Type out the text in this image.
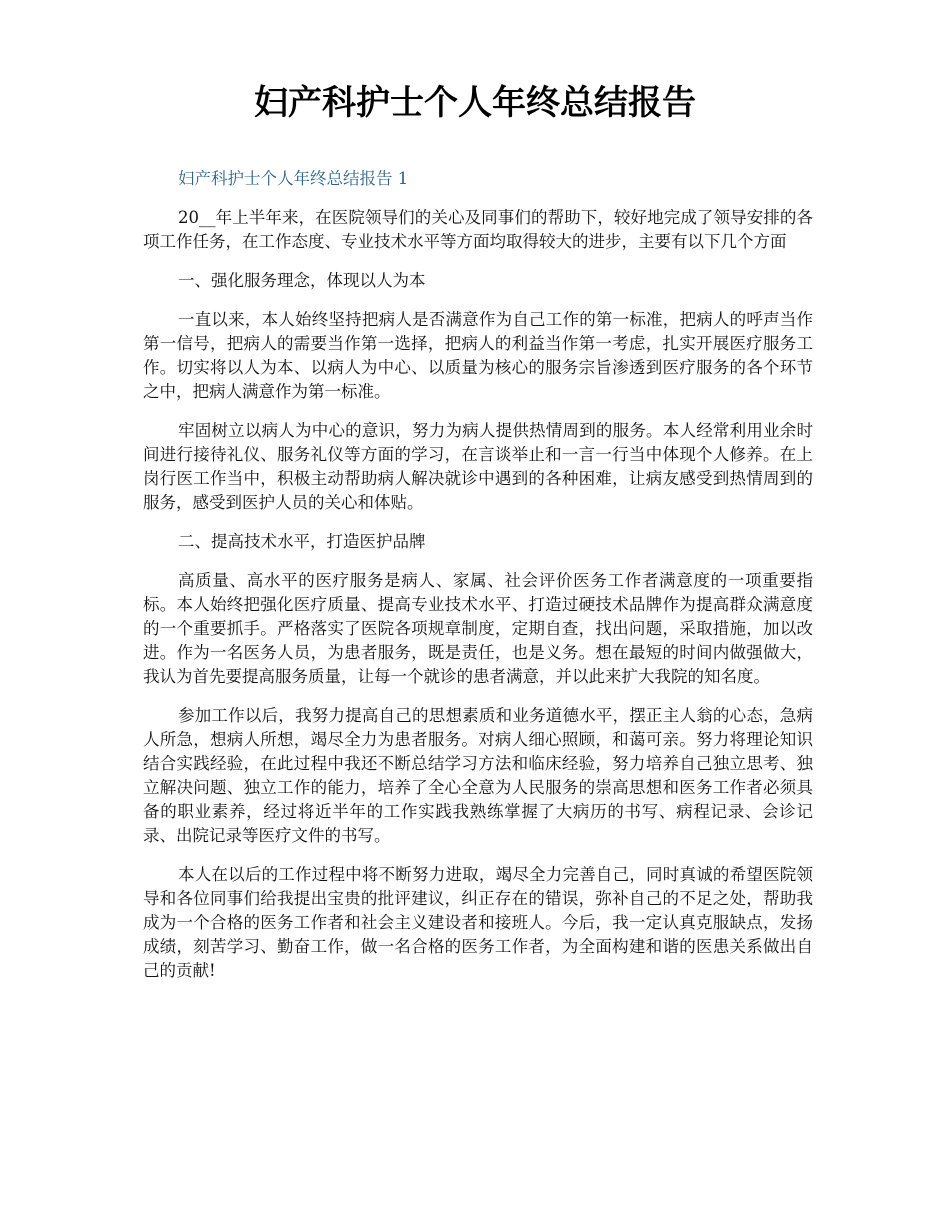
妇产科护士个人年终总结报告

妇产科护士个人年终总结报告 1

20__年上半年来，在医院领导们的关心及同事们的帮助下，较好地完成了领导安排的各项工作任务，在工作态度、专业技术水平等方面均取得较大的进步，主要有以下几个方面

一、强化服务理念，体现以人为本

一直以来，本人始终坚持把病人是否满意作为自己工作的第一标准，把病人的呼声当作第一信号，把病人的需要当作第一选择，把病人的利益当作第一考虑，扎实开展医疗服务工作。切实将以人为本、以病人为中心、以质量为核心的服务宗旨渗透到医疗服务的各个环节之中，把病人满意作为第一标准。

牢固树立以病人为中心的意识，努力为病人提供热情周到的服务。本人经常利用业余时间进行接待礼仪、服务礼仪等方面的学习，在言谈举止和一言一行当中体现个人修养。在上岗行医工作当中，积极主动帮助病人解决就诊中遇到的各种困难，让病友感受到热情周到的服务，感受到医护人员的关心和体贴。

二、提高技术水平，打造医护品牌

高质量、高水平的医疗服务是病人、家属、社会评价医务工作者满意度的一项重要指标。本人始终把强化医疗质量、提高专业技术水平、打造过硬技术品牌作为提高群众满意度的一个重要抓手。严格落实了医院各项规章制度，定期自查，找出问题，采取措施，加以改进。作为一名医务人员，为患者服务，既是责任，也是义务。想在最短的时间内做强做大，我认为首先要提高服务质量，让每一个就诊的患者满意，并以此来扩大我院的知名度。

参加工作以后，我努力提高自己的思想素质和业务道德水平，摆正主人翁的心态，急病人所急，想病人所想，竭尽全力为患者服务。对病人细心照顾，和蔼可亲。努力将理论知识结合实践经验，在此过程中我还不断总结学习方法和临床经验，努力培养自己独立思考、独立解决问题、独立工作的能力，培养了全心全意为人民服务的崇高思想和医务工作者必须具备的职业素养，经过将近半年的工作实践我熟练掌握了大病历的书写、病程记录、会诊记录、出院记录等医疗文件的书写。

本人在以后的工作过程中将不断努力进取，竭尽全力完善自己，同时真诚的希望医院领导和各位同事们给我提出宝贵的批评建议，纠正存在的错误，弥补自己的不足之处，帮助我成为一个合格的医务工作者和社会主义建设者和接班人。今后，我一定认真克服缺点，发扬成绩，刻苦学习、勤奋工作，做一名合格的医务工作者，为全面构建和谐的医患关系做出自己的贡献!
